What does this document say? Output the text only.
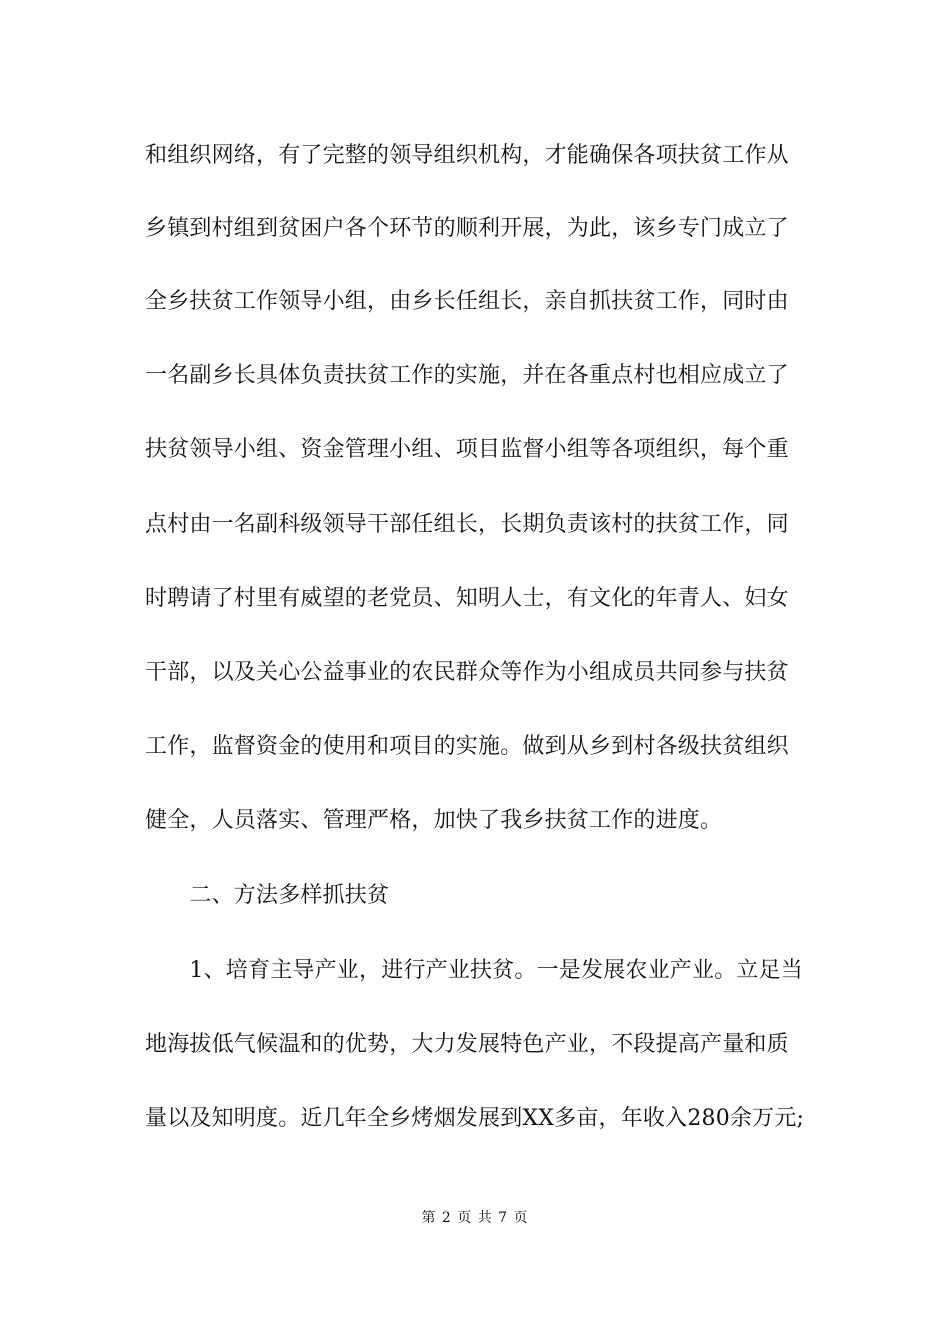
和组织网络，有了完整的领导组织机构，才能确保各项扶贫工作从
乡镇到村组到贫困户各个环节的顺利开展，为此，该乡专门成立了
全乡扶贫工作领导小组，由乡长任组长，亲自抓扶贫工作，同时由
一名副乡长具体负责扶贫工作的实施，并在各重点村也相应成立了
扶贫领导小组、资金管理小组、项目监督小组等各项组织，每个重
点村由一名副科级领导干部任组长，长期负责该村的扶贫工作，同
时聘请了村里有威望的老党员、知明人士，有文化的年青人、妇女
干部，以及关心公益事业的农民群众等作为小组成员共同参与扶贫
工作，监督资金的使用和项目的实施。做到从乡到村各级扶贫组织
健全，人员落实、管理严格，加快了我乡扶贫工作的进度。
　　二、方法多样抓扶贫
　　1、培育主导产业，进行产业扶贫。一是发展农业产业。立足当
地海拔低气候温和的优势，大力发展特色产业，不段提高产量和质
量以及知明度。近几年全乡烤烟发展到XX多亩，年收入280余万元;
第 2 页 共 7 页
